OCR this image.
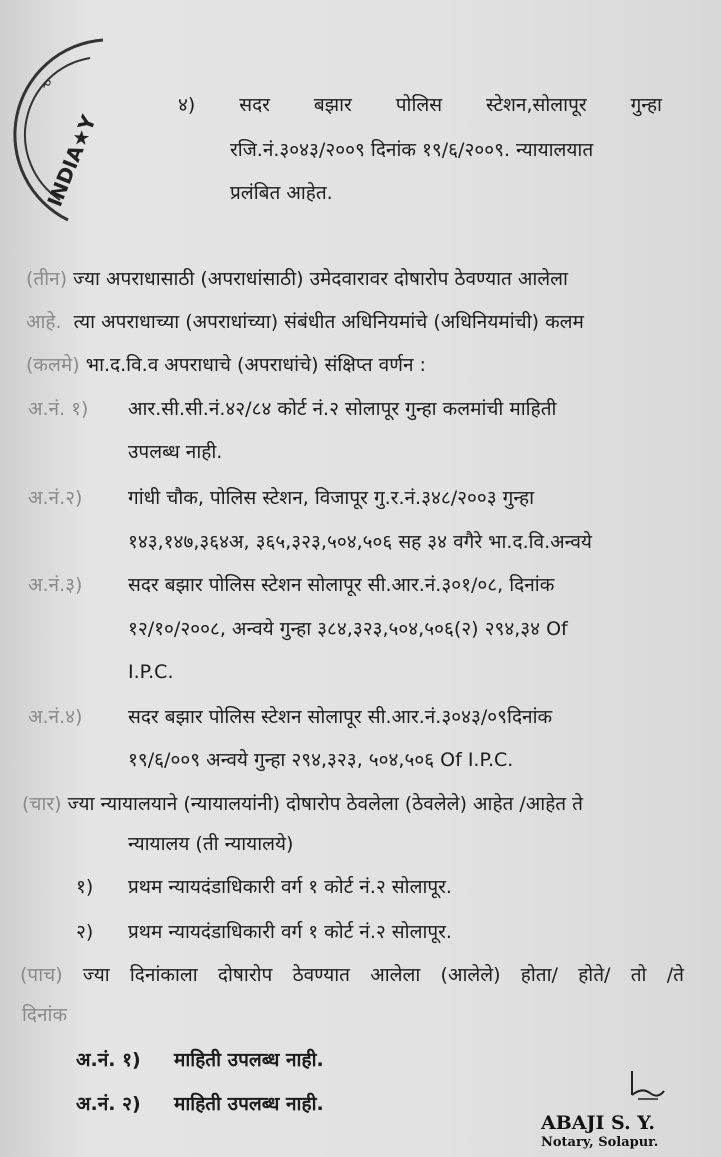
INDIA★Y
ᓀ
४) सदर बझार पोलिस स्टेशन,सोलापूर गुन्हा
रजि.नं.३०४३/२००९ दिनांक १९/६/२००९. न्यायालयात
प्रलंबित आहेत.
(तीन) ज्या अपराधासाठी (अपराधांसाठी) उमेदवारावर दोषारोप ठेवण्यात आलेला
आहे. त्या अपराधाच्या (अपराधांच्या) संबंधीत अधिनियमांचे (अधिनियमांची) कलम
(कलमे) भा.द.वि.व अपराधाचे (अपराधांचे) संक्षिप्त वर्णन :
अ.नं. १) आर.सी.सी.नं.४२/८४ कोर्ट नं.२ सोलापूर गुन्हा कलमांची माहिती
उपलब्ध नाही.
अ.नं.२) गांधी चौक, पोलिस स्टेशन, विजापूर गु.र.नं.३४८/२००३ गुन्हा
१४३,१४७,३६४अ, ३६५,३२३,५०४,५०६ सह ३४ वगैरे भा.द.वि.अन्वये
अ.नं.३) सदर बझार पोलिस स्टेशन सोलापूर सी.आर.नं.३०१/०८, दिनांक
१२/१०/२००८, अन्वये गुन्हा ३८४,३२३,५०४,५०६(२) २९४,३४ Of
I.P.C.
अ.नं.४) सदर बझार पोलिस स्टेशन सोलापूर सी.आर.नं.३०४३/०९दिनांक
१९/६/००९ अन्वये गुन्हा २९४,३२३, ५०४,५०६ Of I.P.C.
(चार) ज्या न्यायालयाने (न्यायालयांनी) दोषारोप ठेवलेला (ठेवलेले) आहेत /आहेत ते
न्यायालय (ती न्यायालये)
१) प्रथम न्यायदंडाधिकारी वर्ग १ कोर्ट नं.२ सोलापूर.
२) प्रथम न्यायदंडाधिकारी वर्ग १ कोर्ट नं.२ सोलापूर.
(पाच) ज्या दिनांकाला दोषारोप ठेवण्यात आलेला (आलेले) होता/ होते/ तो /ते
दिनांक
अ.नं. १) माहिती उपलब्ध नाही.
अ.नं. २) माहिती उपलब्ध नाही.
ABAJI S. Y.
Notary, Solapur.
